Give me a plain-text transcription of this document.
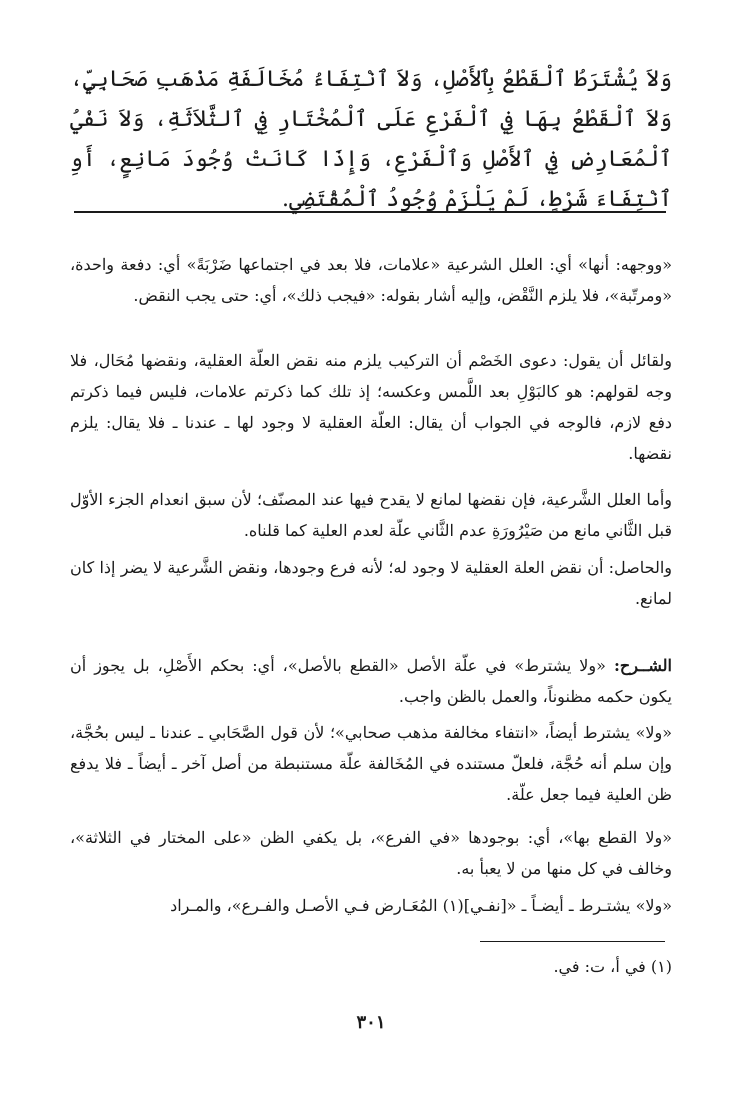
وَلاَ يُشْتَرَطُ ٱلْقَطْعُ بِٱلأَصْلِ، وَلاَ ٱنْتِفَاءُ مُخَالَفَةِ مَذْهَبِ صَحَابِيٍّ، وَلاَ ٱلْقَطْعُ بِهَا فِي ٱلْفَرْعِ عَلَى ٱلْمُخْتَارِ فِي ٱلثَّلاَثَةِ، وَلاَ نَفْيُ ٱلْمُعَارِضِ فِي ٱلأَصْلِ وَٱلْفَرْعِ، وَإِذَا كَانَتْ وُجُودَ مَانِعٍ، أَوِ ٱنْتِفَاءَ شَرْطٍ، لَمْ يَلْزَمْ وُجُودُ ٱلْمُقْتَضِي.

«ووجهه: أنها» أي: العلل الشرعية «علامات، فلا بعد في اجتماعها ضَرْبَةً» أي: دفعة واحدة، «ومرتّبة»، فلا يلزم النَّقْض، وإليه أشار بقوله: «فيجب ذلك»، أي: حتى يجب النقض.

ولقائل أن يقول: دعوى الخَصْم أن التركيب يلزم منه نقض العلّة العقلية، ونقضها مُحَال، فلا وجه لقولهم: هو كالبَوْلِ بعد اللَّمس وعكسه؛ إذ تلك كما ذكرتم علامات، فليس فيما ذكرتم دفع لازم، فالوجه في الجواب أن يقال: العلّة العقلية لا وجود لها ـ عندنا ـ فلا يقال: يلزم نقضها.

وأما العلل الشَّرعية، فإن نقضها لمانع لا يقدح فيها عند المصنّف؛ لأن سبق انعدام الجزء الأوّل قبل الثَّاني مانع من صَيْرُورَةِ عدم الثَّاني علّة لعدم العلية كما قلناه.

والحاصل: أن نقض العلة العقلية لا وجود له؛ لأنه فرع وجودها، ونقض الشَّرعية لا يضر إذا كان لمانع.

الشــرح: «ولا يشترط» في علّة الأصل «القطع بالأصل»، أي: بحكم الأَصْلِ، بل يجوز أن يكون حكمه مظنوناً، والعمل بالظن واجب.

«ولا» يشترط أيضاً، «انتفاء مخالفة مذهب صحابي»؛ لأن قول الصَّحَابي ـ عندنا ـ ليس بحُجَّة، وإن سلم أنه حُجَّة، فلعلّ مستنده في المُخَالفة علّة مستنبطة من أصل آخر ـ أيضاً ـ فلا يدفع ظن العلية فيما جعل علّة.

«ولا القطع بها»، أي: بوجودها «في الفرع»، بل يكفي الظن «على المختار في الثلاثة»، وخالف في كل منها من لا يعبأ به.

«ولا» يشتـرط ـ أيضـاً ـ «[نفـي](١) المُعَـارض فـي الأصـل والفـرع»، والمـراد

(١) في أ، ت: في.
٣٠١
